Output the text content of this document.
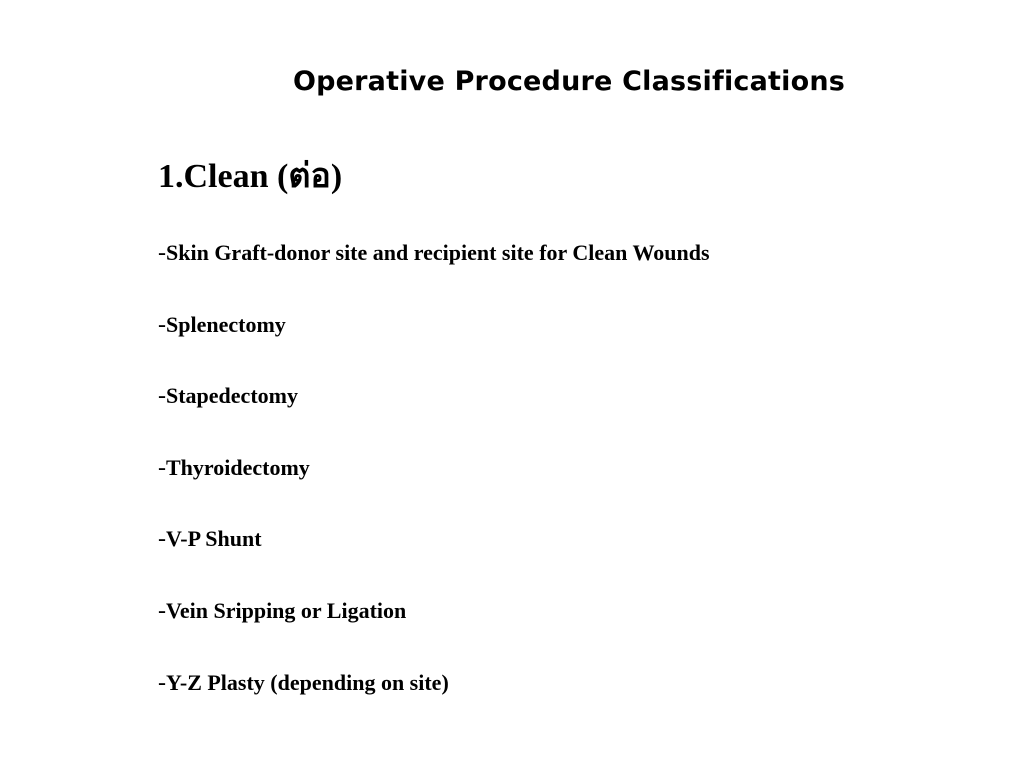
Operative Procedure Classifications
1.Clean (ต่อ)
-Skin Graft-donor site and recipient site for Clean Wounds
-Splenectomy
-Stapedectomy
-Thyroidectomy
-V-P Shunt
-Vein Sripping or Ligation
-Y-Z Plasty (depending on site)
